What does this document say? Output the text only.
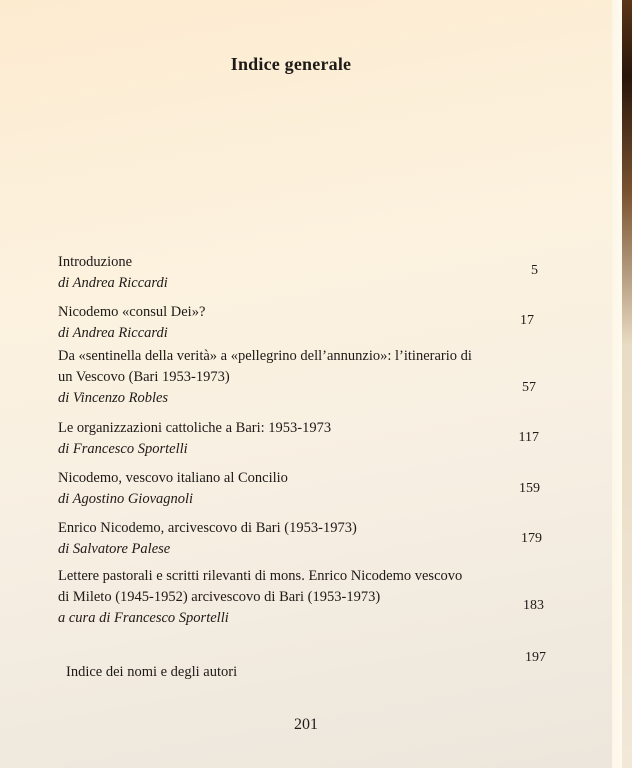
Indice generale
Introduzione
di Andrea Riccardi
5
Nicodemo «consul Dei»?
di Andrea Riccardi
17
Da «sentinella della verità» a «pellegrino dell’annunzio»: l’itinerario di
un Vescovo (Bari 1953-1973)
di Vincenzo Robles
57
Le organizzazioni cattoliche a Bari: 1953-1973
di Francesco Sportelli
117
Nicodemo, vescovo italiano al Concilio
di Agostino Giovagnoli
159
Enrico Nicodemo, arcivescovo di Bari (1953-1973)
di Salvatore Palese
179
Lettere pastorali e scritti rilevanti di mons. Enrico Nicodemo vescovo
di Mileto (1945-1952) arcivescovo di Bari (1953-1973)
a cura di Francesco Sportelli
183
Indice dei nomi e degli autori
197
201
